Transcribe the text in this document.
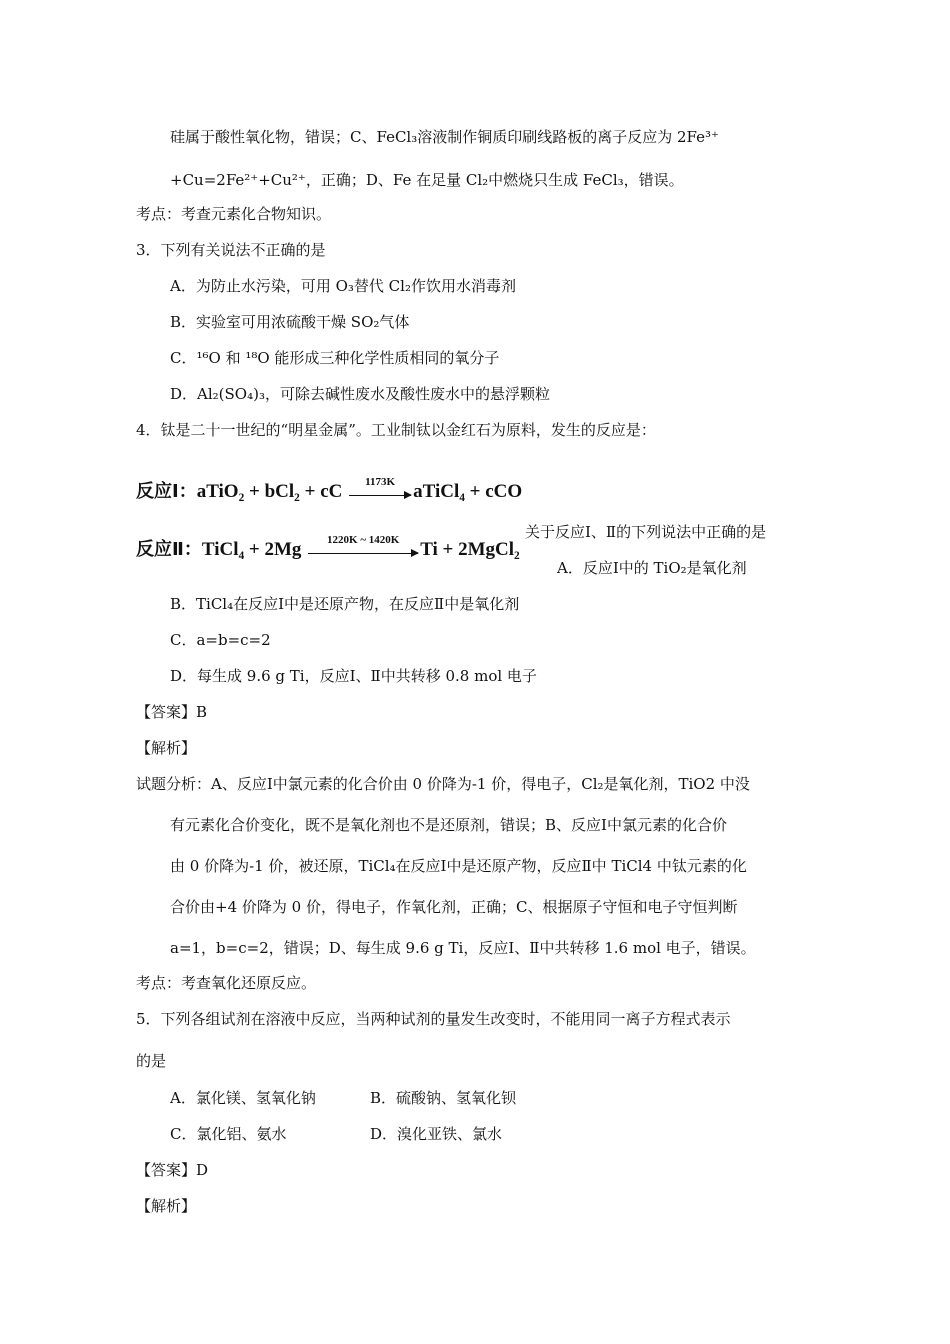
硅属于酸性氧化物，错误；C、FeCl₃溶液制作铜质印刷线路板的离子反应为 2Fe³⁺
+Cu=2Fe²⁺+Cu²⁺，正确；D、Fe 在足量 Cl₂中燃烧只生成 FeCl₃，错误。
考点：考查元素化合物知识。
3．下列有关说法不正确的是
A．为防止水污染，可用 O₃替代 Cl₂作饮用水消毒剂
B．实验室可用浓硫酸干燥 SO₂气体
C．¹⁶O 和 ¹⁸O 能形成三种化学性质相同的氧分子
D．Al₂(SO₄)₃，可除去碱性废水及酸性废水中的悬浮颗粒
4．钛是二十一世纪的“明星金属”。工业制钛以金红石为原料，发生的反应是：
反应Ⅰ：aTiO₂ + bCl₂ + cC	1173K aTiCl₄ + cCO
反应Ⅱ：TiCl₄ + 2Mg	1220K ~ 1420K	Ti + 2MgCl₂
关于反应Ⅰ、Ⅱ的下列说法中正确的是
A．反应Ⅰ中的 TiO₂是氧化剂
B．TiCl₄在反应Ⅰ中是还原产物，在反应Ⅱ中是氧化剂
C．a=b=c=2
D．每生成 9.6 g Ti，反应Ⅰ、Ⅱ中共转移 0.8 mol 电子
【答案】B
【解析】
试题分析：A、反应Ⅰ中氯元素的化合价由 0 价降为-1 价，得电子，Cl₂是氧化剂，TiO2 中没
有元素化合价变化，既不是氧化剂也不是还原剂，错误；B、反应Ⅰ中氯元素的化合价
由 0 价降为-1 价，被还原，TiCl₄在反应Ⅰ中是还原产物，反应Ⅱ中 TiCl4 中钛元素的化
合价由+4 价降为 0 价，得电子，作氧化剂，正确；C、根据原子守恒和电子守恒判断
a=1，b=c=2，错误；D、每生成 9.6 g Ti，反应Ⅰ、Ⅱ中共转移 1.6 mol 电子，错误。
考点：考查氧化还原反应。
5．下列各组试剂在溶液中反应，当两种试剂的量发生改变时，不能用同一离子方程式表示
的是
A．氯化镁、氢氧化钠	B．硫酸钠、氢氧化钡
C．氯化铝、氨水	D．溴化亚铁、氯水
【答案】D
【解析】
